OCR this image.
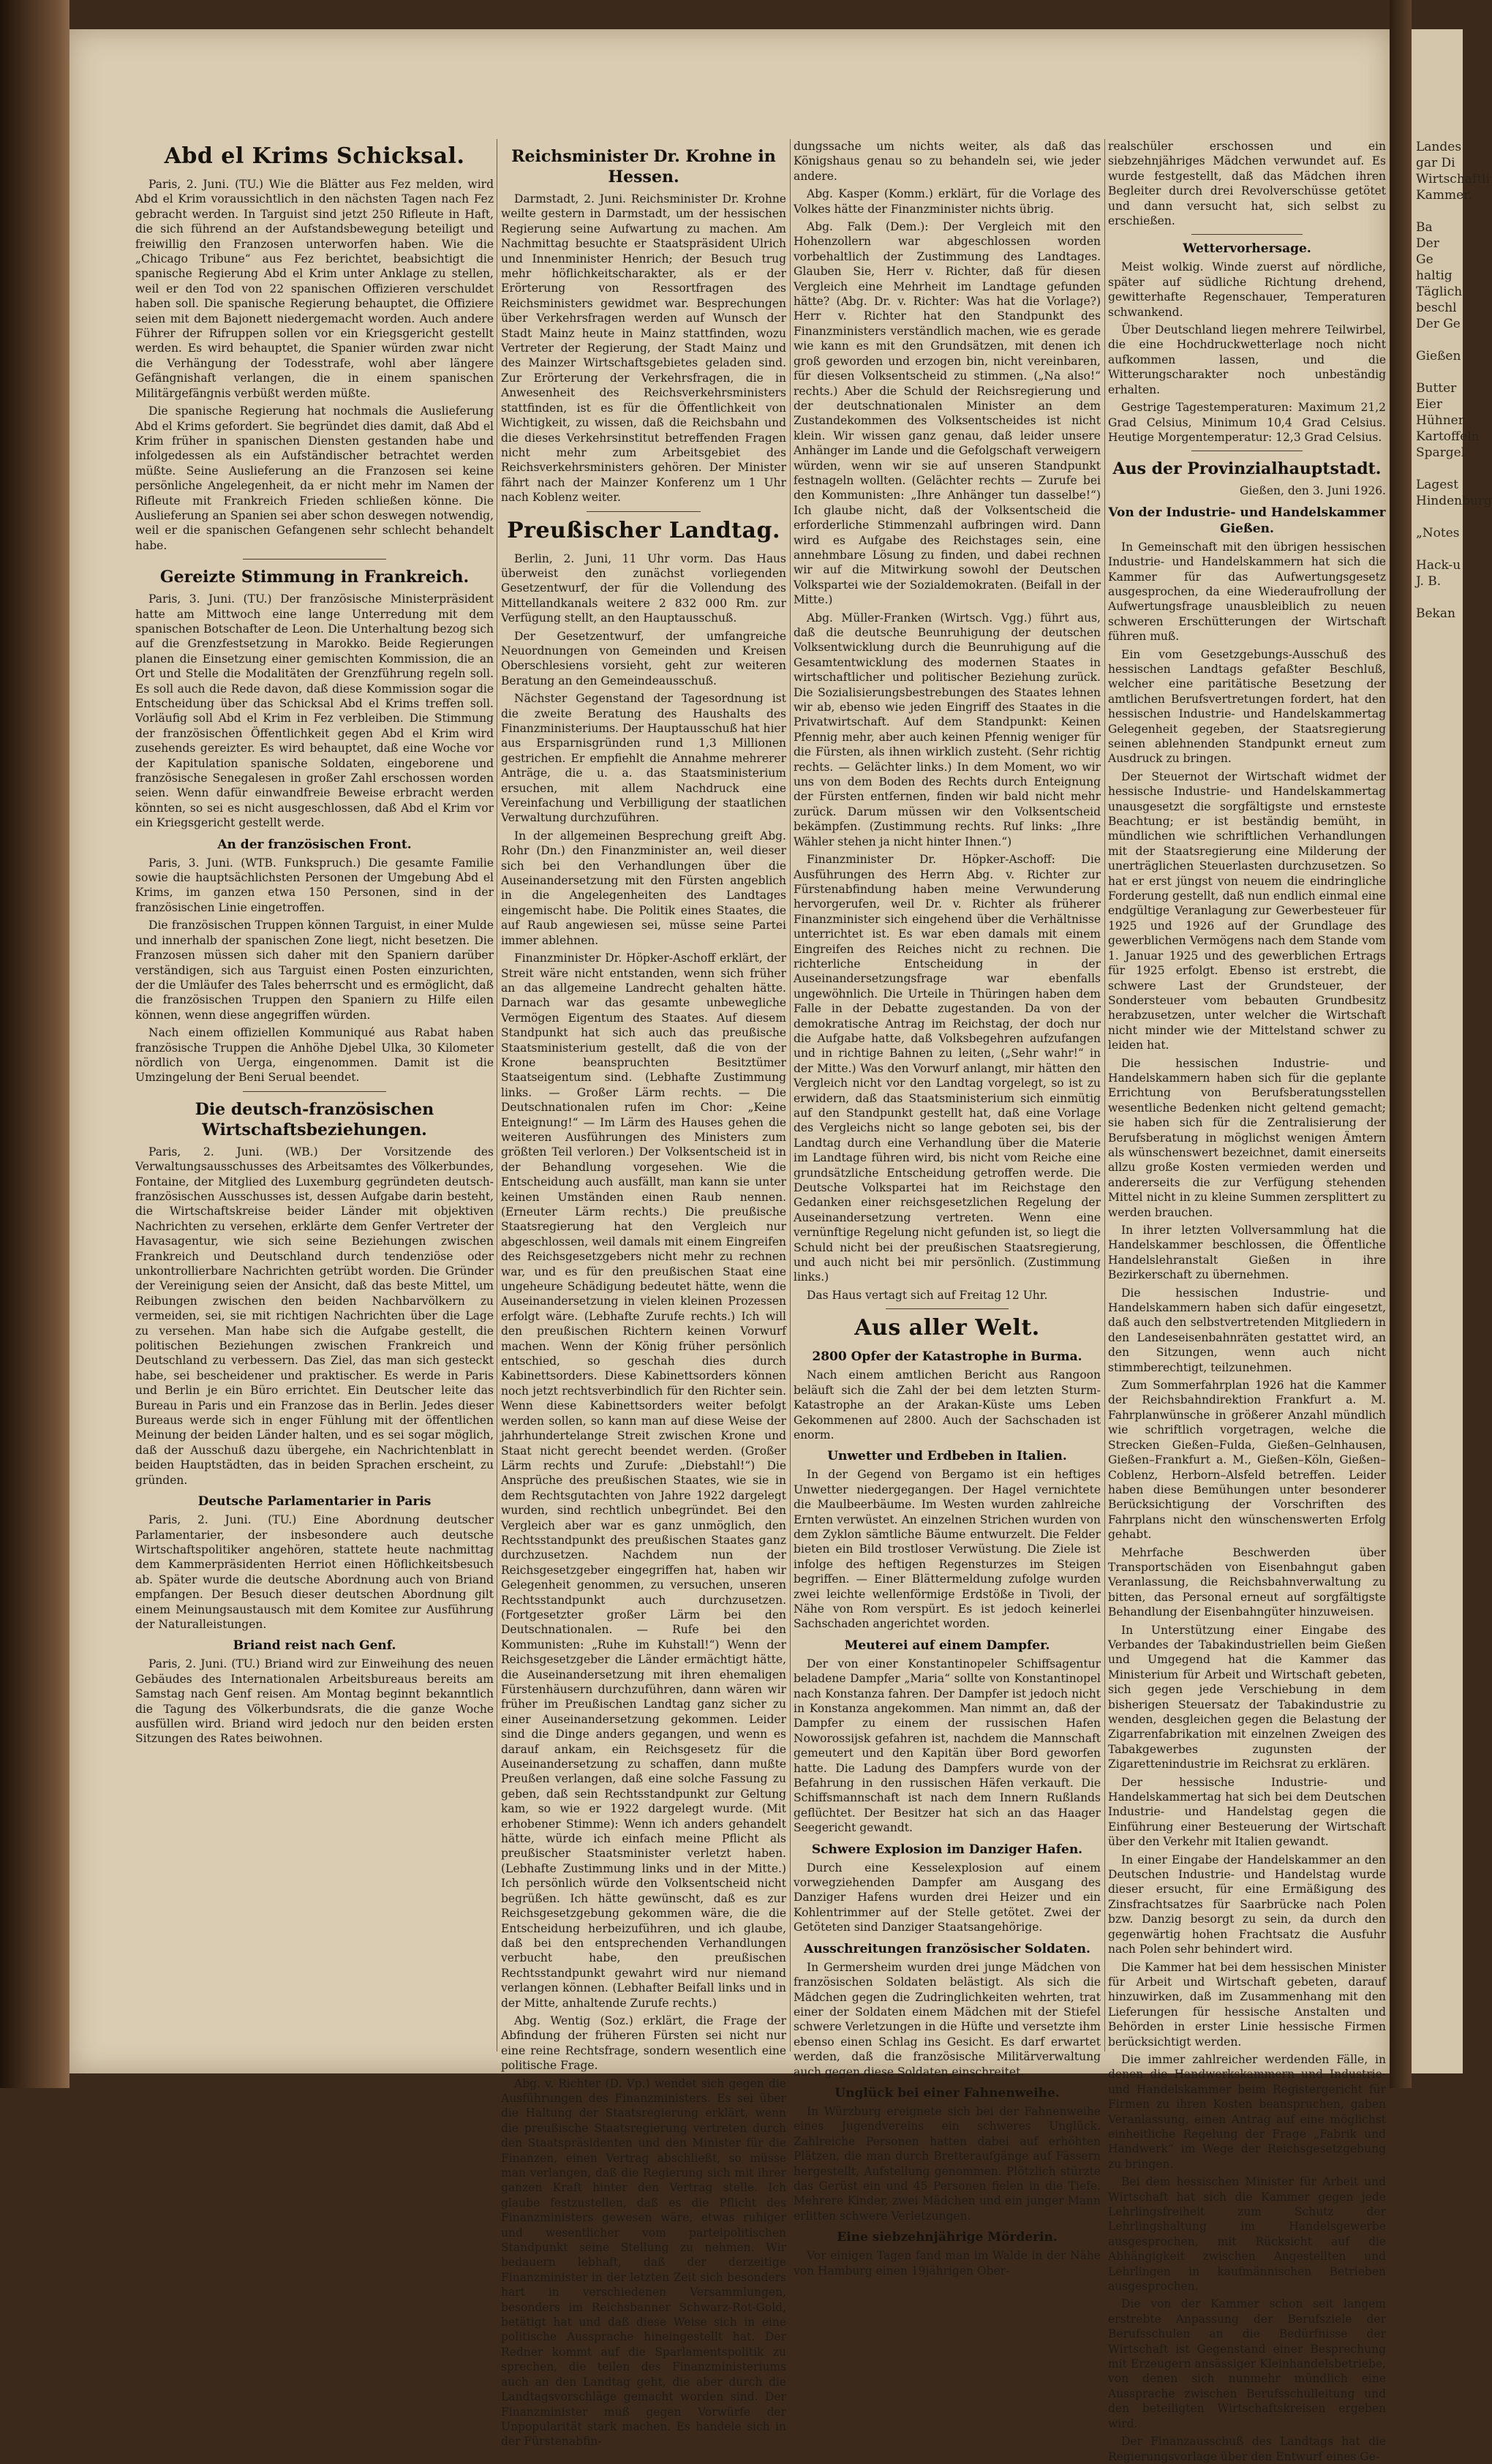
Abd el Krims Schicksal.

Paris, 2. Juni. (TU.) Wie die Blätter aus Fez melden, wird Abd el Krim voraussichtlich in den nächsten Tagen nach Fez gebracht werden. In Targuist sind jetzt 250 Rifleute in Haft, die sich führend an der Aufstandsbewegung beteiligt und freiwillig den Franzosen unterworfen haben. Wie die „Chicago Tribune“ aus Fez berichtet, beabsichtigt die spanische Regierung Abd el Krim unter Anklage zu stellen, weil er den Tod von 22 spanischen Offizieren verschuldet haben soll. Die spanische Regierung behauptet, die Offiziere seien mit dem Bajonett niedergemacht worden. Auch andere Führer der Rifruppen sollen vor ein Kriegsgericht gestellt werden. Es wird behauptet, die Spanier würden zwar nicht die Verhängung der Todesstrafe, wohl aber längere Gefängnishaft verlangen, die in einem spanischen Militärgefängnis verbüßt werden müßte.

Die spanische Regierung hat nochmals die Auslieferung Abd el Krims gefordert. Sie begründet dies damit, daß Abd el Krim früher in spanischen Diensten gestanden habe und infolgedessen als ein Aufständischer betrachtet werden müßte. Seine Auslieferung an die Franzosen sei keine persönliche Angelegenheit, da er nicht mehr im Namen der Rifleute mit Frankreich Frieden schließen könne. Die Auslieferung an Spanien sei aber schon deswegen notwendig, weil er die spanischen Gefangenen sehr schlecht behandelt habe.

Gereizte Stimmung in Frankreich.

Paris, 3. Juni. (TU.) Der französische Ministerpräsident hatte am Mittwoch eine lange Unterredung mit dem spanischen Botschafter de Leon. Die Unterhaltung bezog sich auf die Grenzfestsetzung in Marokko. Beide Regierungen planen die Einsetzung einer gemischten Kommission, die an Ort und Stelle die Modalitäten der Grenzführung regeln soll. Es soll auch die Rede davon, daß diese Kommission sogar die Entscheidung über das Schicksal Abd el Krims treffen soll. Vorläufig soll Abd el Krim in Fez verbleiben. Die Stimmung der französischen Öffentlichkeit gegen Abd el Krim wird zusehends gereizter. Es wird behauptet, daß eine Woche vor der Kapitulation spanische Soldaten, eingeborene und französische Senegalesen in großer Zahl erschossen worden seien. Wenn dafür einwandfreie Beweise erbracht werden könnten, so sei es nicht ausgeschlossen, daß Abd el Krim vor ein Kriegsgericht gestellt werde.

An der französischen Front.

Paris, 3. Juni. (WTB. Funkspruch.) Die gesamte Familie sowie die hauptsächlichsten Personen der Umgebung Abd el Krims, im ganzen etwa 150 Personen, sind in der französischen Linie eingetroffen.

Die französischen Truppen können Targuist, in einer Mulde und innerhalb der spanischen Zone liegt, nicht besetzen. Die Franzosen müssen sich daher mit den Spaniern darüber verständigen, sich aus Targuist einen Posten einzurichten, der die Umläufer des Tales beherrscht und es ermöglicht, daß die französischen Truppen den Spaniern zu Hilfe eilen können, wenn diese angegriffen würden.

Nach einem offiziellen Kommuniqué aus Rabat haben französische Truppen die Anhöhe Djebel Ulka, 30 Kilometer nördlich von Uerga, eingenommen. Damit ist die Umzingelung der Beni Serual beendet.

Die deutsch-französischen Wirtschaftsbeziehungen.

Paris, 2. Juni. (WB.) Der Vorsitzende des Verwaltungsausschusses des Arbeitsamtes des Völkerbundes, Fontaine, der Mitglied des Luxemburg gegründeten deutsch-französischen Ausschusses ist, dessen Aufgabe darin besteht, die Wirtschaftskreise beider Länder mit objektiven Nachrichten zu versehen, erklärte dem Genfer Vertreter der Havasagentur, wie sich seine Beziehungen zwischen Frankreich und Deutschland durch tendenziöse oder unkontrollierbare Nachrichten getrübt worden. Die Gründer der Vereinigung seien der Ansicht, daß das beste Mittel, um Reibungen zwischen den beiden Nachbarvölkern zu vermeiden, sei, sie mit richtigen Nachrichten über die Lage zu versehen. Man habe sich die Aufgabe gestellt, die politischen Beziehungen zwischen Frankreich und Deutschland zu verbessern. Das Ziel, das man sich gesteckt habe, sei bescheidener und praktischer. Es werde in Paris und Berlin je ein Büro errichtet. Ein Deutscher leite das Bureau in Paris und ein Franzose das in Berlin. Jedes dieser Bureaus werde sich in enger Fühlung mit der öffentlichen Meinung der beiden Länder halten, und es sei sogar möglich, daß der Ausschuß dazu übergehe, ein Nachrichtenblatt in beiden Hauptstädten, das in beiden Sprachen erscheint, zu gründen.

Deutsche Parlamentarier in Paris

Paris, 2. Juni. (TU.) Eine Abordnung deutscher Parlamentarier, der insbesondere auch deutsche Wirtschaftspolitiker angehören, stattete heute nachmittag dem Kammerpräsidenten Herriot einen Höflichkeitsbesuch ab. Später wurde die deutsche Abordnung auch von Briand empfangen. Der Besuch dieser deutschen Abordnung gilt einem Meinungsaustausch mit dem Komitee zur Ausführung der Naturalleistungen.

Briand reist nach Genf.

Paris, 2. Juni. (TU.) Briand wird zur Einweihung des neuen Gebäudes des Internationalen Arbeitsbureaus bereits am Samstag nach Genf reisen. Am Montag beginnt bekanntlich die Tagung des Völkerbundsrats, die die ganze Woche ausfüllen wird. Briand wird jedoch nur den beiden ersten Sitzungen des Rates beiwohnen.

Reichsminister Dr. Krohne in Hessen.

Darmstadt, 2. Juni. Reichsminister Dr. Krohne weilte gestern in Darmstadt, um der hessischen Regierung seine Aufwartung zu machen. Am Nachmittag besuchte er Staatspräsident Ulrich und Innenminister Henrich; der Besuch trug mehr höflichkeitscharakter, als er der Erörterung von Ressortfragen des Reichsministers gewidmet war. Besprechungen über Verkehrsfragen werden auf Wunsch der Stadt Mainz heute in Mainz stattfinden, wozu Vertreter der Regierung, der Stadt Mainz und des Mainzer Wirtschaftsgebietes geladen sind. Zur Erörterung der Verkehrsfragen, die in Anwesenheit des Reichsverkehrsministers stattfinden, ist es für die Öffentlichkeit von Wichtigkeit, zu wissen, daß die Reichsbahn und die dieses Verkehrsinstitut betreffenden Fragen nicht mehr zum Arbeitsgebiet des Reichsverkehrsministers gehören. Der Minister fährt nach der Mainzer Konferenz um 1 Uhr nach Koblenz weiter.

Preußischer Landtag.

Berlin, 2. Juni, 11 Uhr vorm. Das Haus überweist den zunächst vorliegenden Gesetzentwurf, der für die Vollendung des Mittellandkanals weitere 2 832 000 Rm. zur Verfügung stellt, an den Hauptausschuß.

Der Gesetzentwurf, der umfangreiche Neuordnungen von Gemeinden und Kreisen Oberschlesiens vorsieht, geht zur weiteren Beratung an den Gemeindeausschuß.

Nächster Gegenstand der Tagesordnung ist die zweite Beratung des Haushalts des Finanzministeriums. Der Hauptausschuß hat hier aus Ersparnisgründen rund 1,3 Millionen gestrichen. Er empfiehlt die Annahme mehrerer Anträge, die u. a. das Staatsministerium ersuchen, mit allem Nachdruck eine Vereinfachung und Verbilligung der staatlichen Verwaltung durchzuführen.

In der allgemeinen Besprechung greift Abg. Rohr (Dn.) den Finanzminister an, weil dieser sich bei den Verhandlungen über die Auseinandersetzung mit den Fürsten angeblich in die Angelegenheiten des Landtages eingemischt habe. Die Politik eines Staates, die auf Raub angewiesen sei, müsse seine Partei immer ablehnen.

Finanzminister Dr. Höpker-Aschoff erklärt, der Streit wäre nicht entstanden, wenn sich früher an das allgemeine Landrecht gehalten hätte. Darnach war das gesamte unbewegliche Vermögen Eigentum des Staates. Auf diesem Standpunkt hat sich auch das preußische Staatsministerium gestellt, daß die von der Krone beanspruchten Besitztümer Staatseigentum sind. (Lebhafte Zustimmung links. — Großer Lärm rechts. — Die Deutschnationalen rufen im Chor: „Keine Enteignung!“ — Im Lärm des Hauses gehen die weiteren Ausführungen des Ministers zum größten Teil verloren.) Der Volksentscheid ist in der Behandlung vorgesehen. Wie die Entscheidung auch ausfällt, man kann sie unter keinen Umständen einen Raub nennen. (Erneuter Lärm rechts.) Die preußische Staatsregierung hat den Vergleich nur abgeschlossen, weil damals mit einem Eingreifen des Reichsgesetzgebers nicht mehr zu rechnen war, und es für den preußischen Staat eine ungeheure Schädigung bedeutet hätte, wenn die Auseinandersetzung in vielen kleinen Prozessen erfolgt wäre. (Lebhafte Zurufe rechts.) Ich will den preußischen Richtern keinen Vorwurf machen. Wenn der König früher persönlich entschied, so geschah dies durch Kabinettsorders. Diese Kabinettsorders können noch jetzt rechtsverbindlich für den Richter sein. Wenn diese Kabinettsorders weiter befolgt werden sollen, so kann man auf diese Weise der jahrhundertelange Streit zwischen Krone und Staat nicht gerecht beendet werden. (Großer Lärm rechts und Zurufe: „Diebstahl!“) Die Ansprüche des preußischen Staates, wie sie in dem Rechtsgutachten von Jahre 1922 dargelegt wurden, sind rechtlich unbegründet. Bei den Vergleich aber war es ganz unmöglich, den Rechtsstandpunkt des preußischen Staates ganz durchzusetzen. Nachdem nun der Reichsgesetzgeber eingegriffen hat, haben wir Gelegenheit genommen, zu versuchen, unseren Rechtsstandpunkt auch durchzusetzen. (Fortgesetzter großer Lärm bei den Deutschnationalen. — Rufe bei den Kommunisten: „Ruhe im Kuhstall!“) Wenn der Reichsgesetzgeber die Länder ermächtigt hätte, die Auseinandersetzung mit ihren ehemaligen Fürstenhäusern durchzuführen, dann wären wir früher im Preußischen Landtag ganz sicher zu einer Auseinandersetzung gekommen. Leider sind die Dinge anders gegangen, und wenn es darauf ankam, ein Reichsgesetz für die Auseinandersetzung zu schaffen, dann mußte Preußen verlangen, daß eine solche Fassung zu geben, daß sein Rechtsstandpunkt zur Geltung kam, so wie er 1922 dargelegt wurde. (Mit erhobener Stimme): Wenn ich anders gehandelt hätte, würde ich einfach meine Pflicht als preußischer Staatsminister verletzt haben. (Lebhafte Zustimmung links und in der Mitte.) Ich persönlich würde den Volksentscheid nicht begrüßen. Ich hätte gewünscht, daß es zur Reichsgesetzgebung gekommen wäre, die die Entscheidung herbeizuführen, und ich glaube, daß bei den entsprechenden Verhandlungen verbucht habe, den preußischen Rechtsstandpunkt gewahrt wird nur niemand verlangen können. (Lebhafter Beifall links und in der Mitte, anhaltende Zurufe rechts.)

Abg. Wentig (Soz.) erklärt, die Frage der Abfindung der früheren Fürsten sei nicht nur eine reine Rechtsfrage, sondern wesentlich eine politische Frage.

Abg. v. Richter (D. Vp.) wendet sich gegen die Ausführungen des Finanzministers. Es sei über die Haltung der Staatsregierung erklärt, wenn die preußische Staatsregierung vertreten durch den Staatspräsidenten und den Minister für die Finanzen, einen Vertrag abschließt, so müsse man verlangen, daß die Regierung sich mit ihrer ganzen Kraft hinter den Vertrag stelle. Ich glaube festzustellen, daß es die Pflicht des Finanzministers gewesen wäre, etwas ruhiger und wesentlicher vom parteipolitischen Standpunkt seine Stellung zu nehmen. Wir bedauern lebhaft, daß der derzeitige Finanzminister in der letzten Zeit sich besonders hart in verschiedenen Versammlungen, besonders im Reichsbanner Schwarz-Rot-Gold, betätigt hat und daß diese Weise sich in eine politische Aussprache hineingestellt hat. Der Redner kommt auf die Sparlamentspolitik zu sprechen, die teilen des Finanzministeriums auch an den Landtag geht, die aber durch die Landtagsvorschläge gemacht worden sind. Der Finanzminister muß gegen Vorwürfe der Unpopularität stark machen. Es handele sich in der Fürstenabfin-

dungssache um nichts weiter, als daß das Königshaus genau so zu behandeln sei, wie jeder andere.

Abg. Kasper (Komm.) erklärt, für die Vorlage des Volkes hätte der Finanzminister nichts übrig.

Abg. Falk (Dem.): Der Vergleich mit den Hohenzollern war abgeschlossen worden vorbehaltlich der Zustimmung des Landtages. Glauben Sie, Herr v. Richter, daß für diesen Vergleich eine Mehrheit im Landtage gefunden hätte? (Abg. Dr. v. Richter: Was hat die Vorlage?) Herr v. Richter hat den Standpunkt des Finanzministers verständlich machen, wie es gerade wie kann es mit den Grundsätzen, mit denen ich groß geworden und erzogen bin, nicht vereinbaren, für diesen Volksentscheid zu stimmen. („Na also!“ rechts.) Aber die Schuld der Reichsregierung und der deutschnationalen Minister an dem Zustandekommen des Volksentscheides ist nicht klein. Wir wissen ganz genau, daß leider unsere Anhänger im Lande und die Gefolgschaft verweigern würden, wenn wir sie auf unseren Standpunkt festnageln wollten. (Gelächter rechts — Zurufe bei den Kommunisten: „Ihre Anhänger tun dasselbe!“) Ich glaube nicht, daß der Volksentscheid die erforderliche Stimmenzahl aufbringen wird. Dann wird es Aufgabe des Reichstages sein, eine annehmbare Lösung zu finden, und dabei rechnen wir auf die Mitwirkung sowohl der Deutschen Volkspartei wie der Sozialdemokraten. (Beifall in der Mitte.)

Abg. Müller-Franken (Wirtsch. Vgg.) führt aus, daß die deutsche Beunruhigung der deutschen Volksentwicklung durch die Beunruhigung auf die Gesamtentwicklung des modernen Staates in wirtschaftlicher und politischer Beziehung zurück. Die Sozialisierungsbestrebungen des Staates lehnen wir ab, ebenso wie jeden Eingriff des Staates in die Privatwirtschaft. Auf dem Standpunkt: Keinen Pfennig mehr, aber auch keinen Pfennig weniger für die Fürsten, als ihnen wirklich zusteht. (Sehr richtig rechts. — Gelächter links.) In dem Moment, wo wir uns von dem Boden des Rechts durch Enteignung der Fürsten entfernen, finden wir bald nicht mehr zurück. Darum müssen wir den Volksentscheid bekämpfen. (Zustimmung rechts. Ruf links: „Ihre Wähler stehen ja nicht hinter Ihnen.“)

Finanzminister Dr. Höpker-Aschoff: Die Ausführungen des Herrn Abg. v. Richter zur Fürstenabfindung haben meine Verwunderung hervorgerufen, weil Dr. v. Richter als früherer Finanzminister sich eingehend über die Verhältnisse unterrichtet ist. Es war eben damals mit einem Eingreifen des Reiches nicht zu rechnen. Die richterliche Entscheidung in der Auseinandersetzungsfrage war ebenfalls ungewöhnlich. Die Urteile in Thüringen haben dem Falle in der Debatte zugestanden. Da von der demokratische Antrag im Reichstag, der doch nur die Aufgabe hatte, daß Volksbegehren aufzufangen und in richtige Bahnen zu leiten, („Sehr wahr!“ in der Mitte.) Was den Vorwurf anlangt, mir hätten den Vergleich nicht vor den Landtag vorgelegt, so ist zu erwidern, daß das Staatsministerium sich einmütig auf den Standpunkt gestellt hat, daß eine Vorlage des Vergleichs nicht so lange geboten sei, bis der Landtag durch eine Verhandlung über die Materie im Landtage führen wird, bis nicht vom Reiche eine grundsätzliche Entscheidung getroffen werde. Die Deutsche Volkspartei hat im Reichstage den Gedanken einer reichsgesetzlichen Regelung der Auseinandersetzung vertreten. Wenn eine vernünftige Regelung nicht gefunden ist, so liegt die Schuld nicht bei der preußischen Staatsregierung, und auch nicht bei mir persönlich. (Zustimmung links.)

Das Haus vertagt sich auf Freitag 12 Uhr.

Aus aller Welt.
2800 Opfer der Katastrophe in Burma.

Nach einem amtlichen Bericht aus Rangoon beläuft sich die Zahl der bei dem letzten Sturm-Katastrophe an der Arakan-Küste ums Leben Gekommenen auf 2800. Auch der Sachschaden ist enorm.

Unwetter und Erdbeben in Italien.

In der Gegend von Bergamo ist ein heftiges Unwetter niedergegangen. Der Hagel vernichtete die Maulbeerbäume. Im Westen wurden zahlreiche Ernten verwüstet. An einzelnen Strichen wurden von dem Zyklon sämtliche Bäume entwurzelt. Die Felder bieten ein Bild trostloser Verwüstung. Die Ziele ist infolge des heftigen Regensturzes im Steigen begriffen. — Einer Blättermeldung zufolge wurden zwei leichte wellenförmige Erdstöße in Tivoli, der Nähe von Rom verspürt. Es ist jedoch keinerlei Sachschaden angerichtet worden.

Meuterei auf einem Dampfer.

Der von einer Konstantinopeler Schiffsagentur beladene Dampfer „Maria“ sollte von Konstantinopel nach Konstanza fahren. Der Dampfer ist jedoch nicht in Konstanza angekommen. Man nimmt an, daß der Dampfer zu einem der russischen Hafen Noworossijsk gefahren ist, nachdem die Mannschaft gemeutert und den Kapitän über Bord geworfen hatte. Die Ladung des Dampfers wurde von der Befahrung in den russischen Häfen verkauft. Die Schiffsmannschaft ist nach dem Innern Rußlands geflüchtet. Der Besitzer hat sich an das Haager Seegericht gewandt.

Schwere Explosion im Danziger Hafen.

Durch eine Kesselexplosion auf einem vorwegziehenden Dampfer am Ausgang des Danziger Hafens wurden drei Heizer und ein Kohlentrimmer auf der Stelle getötet. Zwei der Getöteten sind Danziger Staatsangehörige.

Ausschreitungen französischer Soldaten.

In Germersheim wurden drei junge Mädchen von französischen Soldaten belästigt. Als sich die Mädchen gegen die Zudringlichkeiten wehrten, trat einer der Soldaten einem Mädchen mit der Stiefel schwere Verletzungen in die Hüfte und versetzte ihm ebenso einen Schlag ins Gesicht. Es darf erwartet werden, daß die französische Militärverwaltung auch gegen diese Soldaten einschreitet.

Unglück bei einer Fahnenweihe.

In Würzburg ereignete sich bei der Fahnenweihe eines Jugendvereins ein schweres Unglück. Zahlreiche Personen hatten dabei auf erhöhten Plätzen, die man durch Bretteraufgänge auf Fässern hergestellt, Aufstellung genommen. Plötzlich stürzte das Gerüst ein und 45 Personen fielen in die Tiefe. Mehrere Kinder, zwei Mädchen und ein junger Mann erlitten schwere Verletzungen.

Eine siebzehnjährige Mörderin.

Vor einigen Tagen fand man im Walde in der Nähe von Hamburg einen 19jährigen Ober-

realschüler erschossen und ein siebzehnjähriges Mädchen verwundet auf. Es wurde festgestellt, daß das Mädchen ihren Begleiter durch drei Revolverschüsse getötet und dann versucht hat, sich selbst zu erschießen.

Wettervorhersage.

Meist wolkig. Winde zuerst auf nördliche, später auf südliche Richtung drehend, gewitterhafte Regenschauer, Temperaturen schwankend.

Über Deutschland liegen mehrere Teilwirbel, die eine Hochdruckwetterlage noch nicht aufkommen lassen, und die Witterungscharakter noch unbeständig erhalten.

Gestrige Tagestemperaturen: Maximum 21,2 Grad Celsius, Minimum 10,4 Grad Celsius. Heutige Morgentemperatur: 12,3 Grad Celsius.

Aus der Provinzialhauptstadt.

Gießen, den 3. Juni 1926.

Von der Industrie- und Handelskammer Gießen.

In Gemeinschaft mit den übrigen hessischen Industrie- und Handelskammern hat sich die Kammer für das Aufwertungsgesetz ausgesprochen, da eine Wiederaufrollung der Aufwertungsfrage unausbleiblich zu neuen schweren Erschütterungen der Wirtschaft führen muß.

Ein vom Gesetzgebungs-Ausschuß des hessischen Landtags gefaßter Beschluß, welcher eine paritätische Besetzung der amtlichen Berufsvertretungen fordert, hat den hessischen Industrie- und Handelskammertag Gelegenheit gegeben, der Staatsregierung seinen ablehnenden Standpunkt erneut zum Ausdruck zu bringen.

Der Steuernot der Wirtschaft widmet der hessische Industrie- und Handelskammertag unausgesetzt die sorgfältigste und ernsteste Beachtung; er ist beständig bemüht, in mündlichen wie schriftlichen Verhandlungen mit der Staatsregierung eine Milderung der unerträglichen Steuerlasten durchzusetzen. So hat er erst jüngst von neuem die eindringliche Forderung gestellt, daß nun endlich einmal eine endgültige Veranlagung zur Gewerbesteuer für 1925 und 1926 auf der Grundlage des gewerblichen Vermögens nach dem Stande vom 1. Januar 1925 und des gewerblichen Ertrags für 1925 erfolgt. Ebenso ist erstrebt, die schwere Last der Grundsteuer, der Sondersteuer vom bebauten Grundbesitz herabzusetzen, unter welcher die Wirtschaft nicht minder wie der Mittelstand schwer zu leiden hat.

Die hessischen Industrie- und Handelskammern haben sich für die geplante Errichtung von Berufsberatungsstellen wesentliche Bedenken nicht geltend gemacht; sie haben sich für die Zentralisierung der Berufsberatung in möglichst wenigen Ämtern als wünschenswert bezeichnet, damit einerseits allzu große Kosten vermieden werden und andererseits die zur Verfügung stehenden Mittel nicht in zu kleine Summen zersplittert zu werden brauchen.

In ihrer letzten Vollversammlung hat die Handelskammer beschlossen, die Öffentliche Handelslehranstalt Gießen in ihre Bezirkerschaft zu übernehmen.

Die hessischen Industrie- und Handelskammern haben sich dafür eingesetzt, daß auch den selbstvertretenden Mitgliedern in den Landeseisenbahnräten gestattet wird, an den Sitzungen, wenn auch nicht stimmberechtigt, teilzunehmen.

Zum Sommerfahrplan 1926 hat die Kammer der Reichsbahndirektion Frankfurt a. M. Fahrplanwünsche in größerer Anzahl mündlich wie schriftlich vorgetragen, welche die Strecken Gießen–Fulda, Gießen–Gelnhausen, Gießen–Frankfurt a. M., Gießen–Köln, Gießen–Coblenz, Herborn–Alsfeld betreffen. Leider haben diese Bemühungen unter besonderer Berücksichtigung der Vorschriften des Fahrplans nicht den wünschenswerten Erfolg gehabt.

Mehrfache Beschwerden über Transportschäden von Eisenbahngut gaben Veranlassung, die Reichsbahnverwaltung zu bitten, das Personal erneut auf sorgfältigste Behandlung der Eisenbahngüter hinzuweisen.

In Unterstützung einer Eingabe des Verbandes der Tabakindustriellen beim Gießen und Umgegend hat die Kammer das Ministerium für Arbeit und Wirtschaft gebeten, sich gegen jede Verschiebung in dem bisherigen Steuersatz der Tabakindustrie zu wenden, desgleichen gegen die Belastung der Zigarrenfabrikation mit einzelnen Zweigen des Tabakgewerbes zugunsten der Zigarettenindustrie im Reichsrat zu erklären.

Der hessische Industrie- und Handelskammertag hat sich bei dem Deutschen Industrie- und Handelstag gegen die Einführung einer Besteuerung der Wirtschaft über den Verkehr mit Italien gewandt.

In einer Eingabe der Handelskammer an den Deutschen Industrie- und Handelstag wurde dieser ersucht, für eine Ermäßigung des Zinsfrachtsatzes für Saarbrücke nach Polen bzw. Danzig besorgt zu sein, da durch den gegenwärtig hohen Frachtsatz die Ausfuhr nach Polen sehr behindert wird.

Die Kammer hat bei dem hessischen Minister für Arbeit und Wirtschaft gebeten, darauf hinzuwirken, daß im Zusammenhang mit den Lieferungen für hessische Anstalten und Behörden in erster Linie hessische Firmen berücksichtigt werden.

Die immer zahlreicher werdenden Fälle, in denen die Handwerkskammern und Industrie- und Handelskammer beim Registergericht für Firmen zu ihren Kosten beanspruchen, gaben Veranlassung, einen Antrag auf eine möglichst einheitliche Regelung der Frage „Fabrik und Handwerk“ im Wege der Reichsgesetzgebung zu bringen.

Bei dem hessischen Minister für Arbeit und Wirtschaft hat sich die Kammer gegen jede Lehrlingsfreiheit zum Schutz der Lehrlingshaltung im Handelsgewerbe ausgesprochen, mit Rücksicht auf die Abhängigkeit zwischen Angestellten und Lehrlingen in kaufmännischen Betrieben ausgesprochen.

Die von der Kammer schon seit langem erstrebte Anpassung der Berufsziele der Berufsschulen an die Bedürfnisse der Wirtschaft ist Gegenstand einer Besprechung mit Erzeugern ansässiger Kleinhandelsbetriebe, von denen sich nunmehr mündlich eine Aussprache zwischen Berufsschulleitung und den beteiligten Wirtschaftskreisen ergeben wird.

Der Finanzausschuß des Landtags hat die Regierungsvorlage über den Entwurf eines Ge-

Landes
gar Di
Wirtschaftli
Kammer.
Ba
Der
Ge
haltig
Täglich
beschl
Der Ge
Gießen
Butter
Eier
Hühner
Kartoffeln
Spargel
Lagest
Hindenburg
„Notes
Hack-u
J. B.
Bekan
